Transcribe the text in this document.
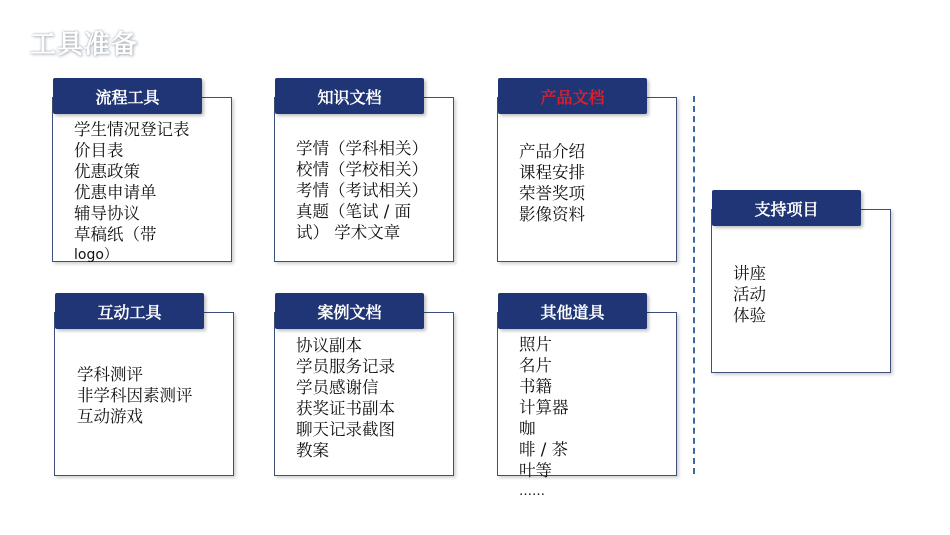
工具准备
流程工具
学生情况登记表
价目表
优惠政策
优惠申请单
辅导协议
草稿纸（带
logo）
知识文档
学情（学科相关）
校情（学校相关）
考情（考试相关）
真题（笔试 / 面
试） 学术文章
产品文档
产品介绍
课程安排
荣誉奖项
影像资料
互动工具
学科测评
非学科因素测评
互动游戏
案例文档
协议副本
学员服务记录
学员感谢信
获奖证书副本
聊天记录截图
教案
其他道具
照片
名片
书籍
计算器
咖
啡 / 茶
叶等
……
支持项目
讲座
活动
体验
